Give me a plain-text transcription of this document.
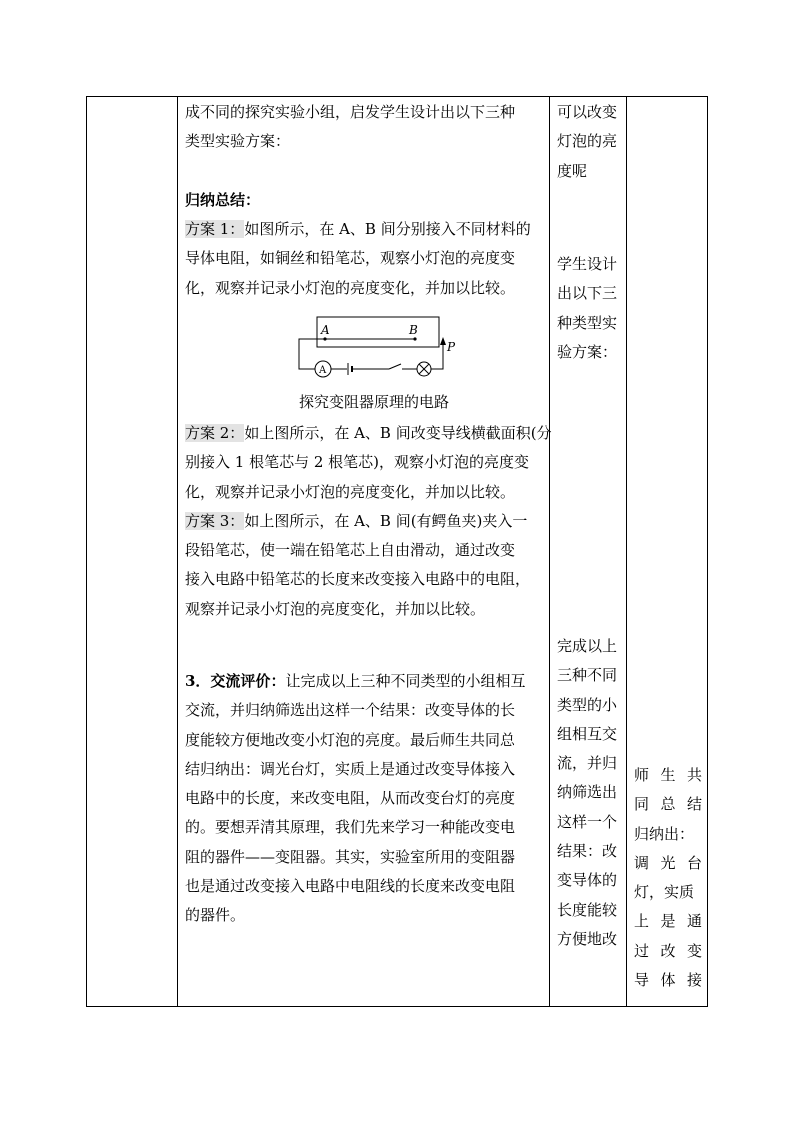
成不同的探究实验小组，启发学生设计出以下三种
类型实验方案：
归纳总结：
方案 1：如图所示，在 A、B 间分别接入不同材料的
导体电阻，如铜丝和铅笔芯，观察小灯泡的亮度变
化，观察并记录小灯泡的亮度变化，并加以比较。
A	B
A
P
探究变阻器原理的电路
方案 2：如上图所示，在 A、B 间改变导线横截面积(分
别接入 1 根笔芯与 2 根笔芯)，观察小灯泡的亮度变
化，观察并记录小灯泡的亮度变化，并加以比较。
方案 3：如上图所示，在 A、B 间(有鳄鱼夹)夹入一
段铅笔芯，使一端在铅笔芯上自由滑动，通过改变
接入电路中铅笔芯的长度来改变接入电路中的电阻，
观察并记录小灯泡的亮度变化，并加以比较。
3．交流评价：让完成以上三种不同类型的小组相互
交流，并归纳筛选出这样一个结果：改变导体的长
度能较方便地改变小灯泡的亮度。最后师生共同总
结归纳出：调光台灯，实质上是通过改变导体接入
电路中的长度，来改变电阻，从而改变台灯的亮度
的。要想弄清其原理，我们先来学习一种能改变电
阻的器件——变阻器。其实，实验室所用的变阻器
也是通过改变接入电路中电阻线的长度来改变电阻
的器件。
可以改变
灯泡的亮
度呢
学生设计
出以下三
种类型实
验方案：
完成以上
三种不同
类型的小
组相互交
流，并归
纳筛选出
这样一个
结果：改
变导体的
长度能较
方便地改
师 生 共
同 总 结
归纳出：
调 光 台
灯，实质
上 是 通
过 改 变
导 体 接
